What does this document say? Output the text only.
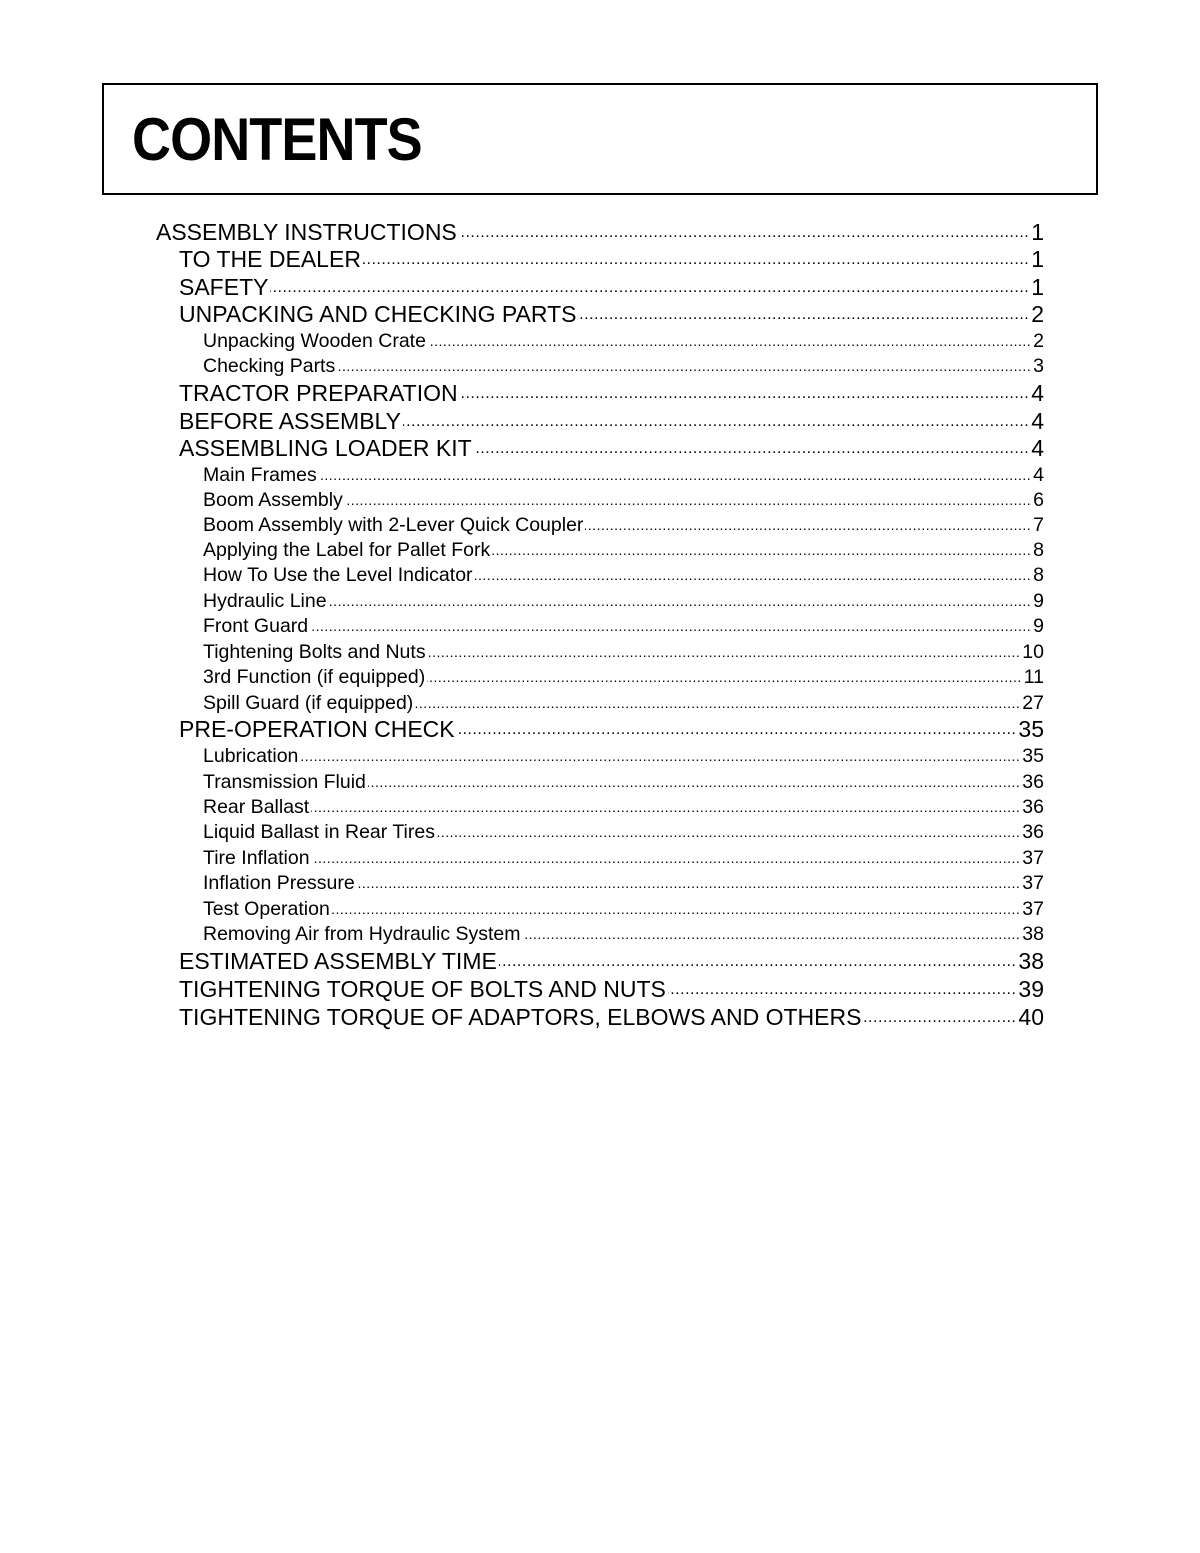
CONTENTS
ASSEMBLY INSTRUCTIONS .....	1
TO THE DEALER .....	1
SAFETY .....	1
UNPACKING AND CHECKING PARTS .....	2
Unpacking Wooden Crate .....	2
Checking Parts .....	3
TRACTOR PREPARATION .....	4
BEFORE ASSEMBLY .....	4
ASSEMBLING LOADER KIT .....	4
Main Frames .....	4
Boom Assembly .....	6
Boom Assembly with 2-Lever Quick Coupler .....	7
Applying the Label for Pallet Fork .....	8
How To Use the Level Indicator .....	8
Hydraulic Line .....	9
Front Guard .....	9
Tightening Bolts and Nuts .....	10
3rd Function (if equipped) .....	11
Spill Guard (if equipped) .....	27
PRE-OPERATION CHECK .....	35
Lubrication .....	35
Transmission Fluid .....	36
Rear Ballast .....	36
Liquid Ballast in Rear Tires .....	36
Tire Inflation .....	37
Inflation Pressure .....	37
Test Operation .....	37
Removing Air from Hydraulic System .....	38
ESTIMATED ASSEMBLY TIME .....	38
TIGHTENING TORQUE OF BOLTS AND NUTS .....	39
TIGHTENING TORQUE OF ADAPTORS, ELBOWS AND OTHERS .....	40
